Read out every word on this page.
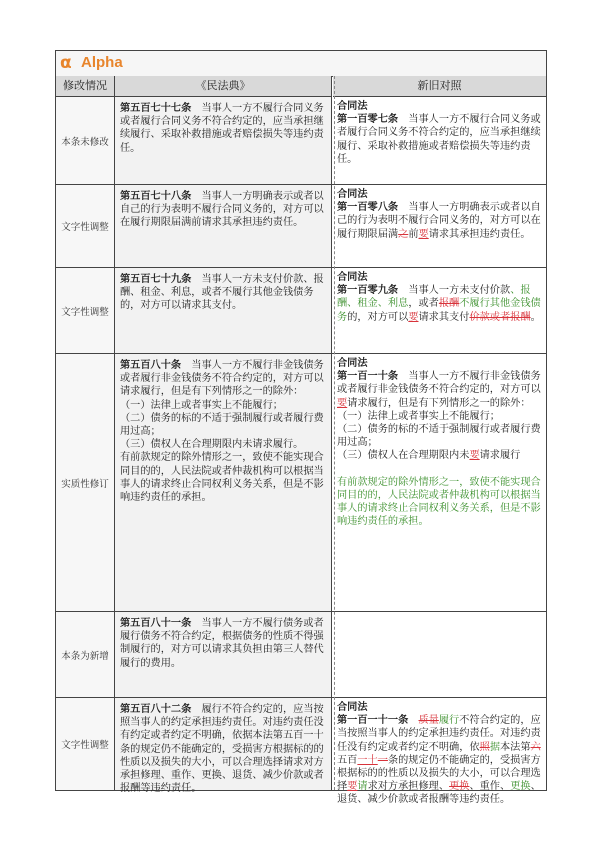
α Alpha
修改情况	《民法典》	新旧对照
本条未修改

第五百七十七条　 当事人一方不履行合同义务或者履行合同义务不符合约定的，应当承担继续履行、采取补救措施或者赔偿损失等违约责任。

合同法

第一百零七条　 当事人一方不履行合同义务或者履行合同义务不符合约定的，应当承担继续履行、采取补救措施或者赔偿损失等违约责任。

文字性调整

第五百七十八条　 当事人一方明确表示或者以自己的行为表明不履行合同义务的，对方可以在履行期限届满前请求其承担违约责任。

合同法

第一百零八条　 当事人一方明确表示或者以自己的行为表明不履行合同义务的，对方可以在履行期限届满之前要请求其承担违约责任。

文字性调整

第五百七十九条　 当事人一方未支付价款、报酬、租金、利息，或者不履行其他金钱债务的，对方可以请求其支付。

合同法

第一百零九条　 当事人一方未支付价款、报酬、租金、利息，或者报酬不履行其他金钱债务的，对方可以要请求其支付价款或者报酬。

实质性修订

第五百八十条　 当事人一方不履行非金钱债务或者履行非金钱债务不符合约定的，对方可以请求履行，但是有下列情形之一的除外：

（一）法律上或者事实上不能履行；

（二）债务的标的不适于强制履行或者履行费用过高；

（三）债权人在合理期限内未请求履行。

有前款规定的除外情形之一，致使不能实现合同目的的，人民法院或者仲裁机构可以根据当事人的请求终止合同权利义务关系，但是不影响违约责任的承担。

合同法

第一百一十条　 当事人一方不履行非金钱债务或者履行非金钱债务不符合约定的，对方可以要请求履行，但是有下列情形之一的除外：

（一）法律上或者事实上不能履行；

（二）债务的标的不适于强制履行或者履行费用过高；

（三）债权人在合理期限内未要请求履行

有前款规定的除外情形之一，致使不能实现合同目的的，人民法院或者仲裁机构可以根据当事人的请求终止合同权利义务关系，但是不影响违约责任的承担。

本条为新增

第五百八十一条　 当事人一方不履行债务或者履行债务不符合约定，根据债务的性质不得强制履行的，对方可以请求其负担由第三人替代履行的费用。

文字性调整

第五百八十二条　 履行不符合约定的，应当按照当事人的约定承担违约责任。对违约责任没有约定或者约定不明确，依据本法第五百一十条的规定仍不能确定的，受损害方根据标的的性质以及损失的大小，可以合理选择请求对方承担修理、重作、更换、退货、减少价款或者报酬等违约责任。

合同法

第一百一十一条　 质量履行不符合约定的，应当按照当事人的约定承担违约责任。对违约责任没有约定或者约定不明确，依照据本法第六五百一十一条的规定仍不能确定的，受损害方根据标的的性质以及损失的大小，可以合理选择要请求对方承担修理、更换、重作、更换、退货、减少价款或者报酬等违约责任。
